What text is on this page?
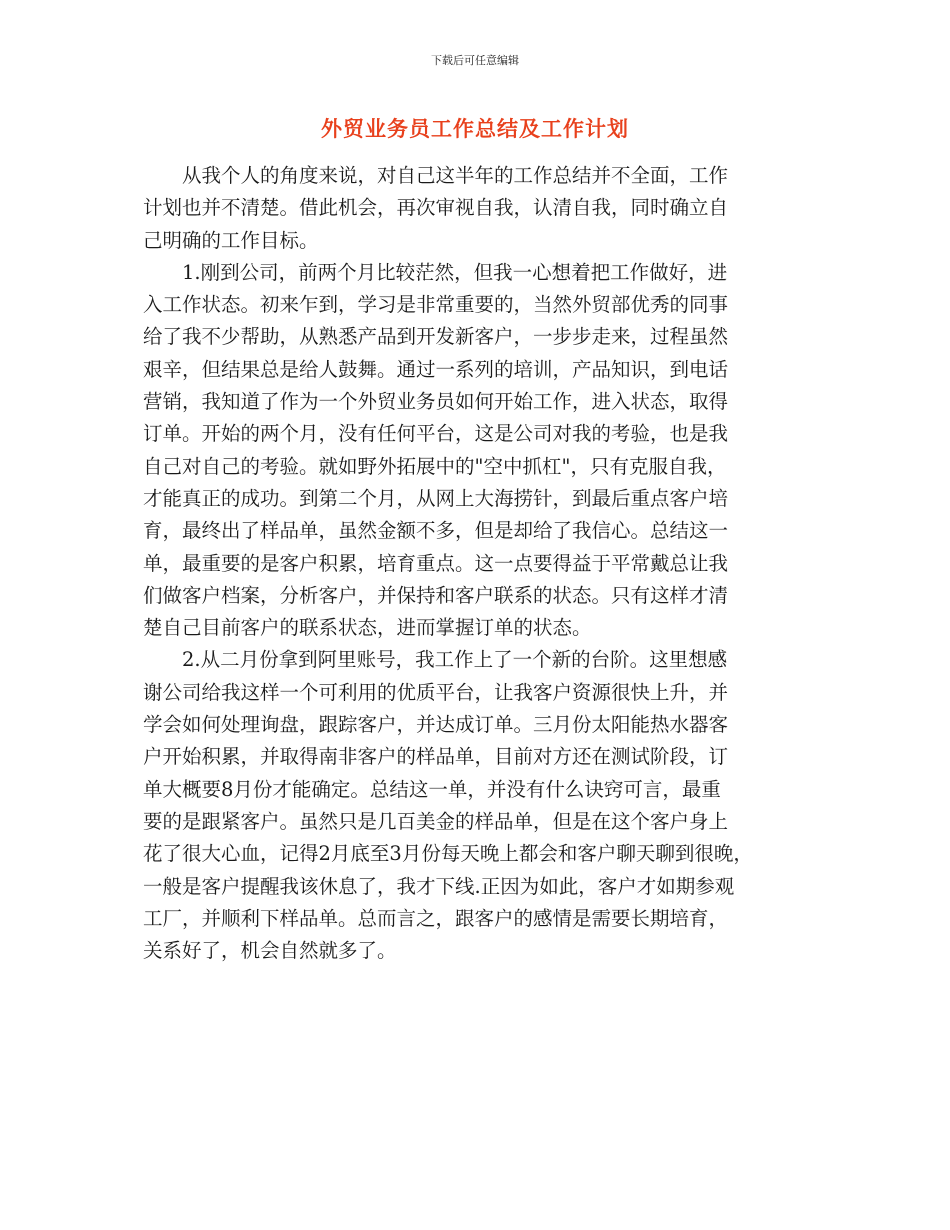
下载后可任意编辑
外贸业务员工作总结及工作计划
从我个人的角度来说，对自己这半年的工作总结并不全面，工作
计划也并不清楚。借此机会，再次审视自我，认清自我，同时确立自
己明确的工作目标。
1.刚到公司，前两个月比较茫然，但我一心想着把工作做好，进
入工作状态。初来乍到，学习是非常重要的，当然外贸部优秀的同事
给了我不少帮助，从熟悉产品到开发新客户，一步步走来，过程虽然
艰辛，但结果总是给人鼓舞。通过一系列的培训，产品知识，到电话
营销，我知道了作为一个外贸业务员如何开始工作，进入状态，取得
订单。开始的两个月，没有任何平台，这是公司对我的考验，也是我
自己对自己的考验。就如野外拓展中的"空中抓杠"，只有克服自我，
才能真正的成功。到第二个月，从网上大海捞针，到最后重点客户培
育，最终出了样品单，虽然金额不多，但是却给了我信心。总结这一
单，最重要的是客户积累，培育重点。这一点要得益于平常戴总让我
们做客户档案，分析客户，并保持和客户联系的状态。只有这样才清
楚自己目前客户的联系状态，进而掌握订单的状态。
2.从二月份拿到阿里账号，我工作上了一个新的台阶。这里想感
谢公司给我这样一个可利用的优质平台，让我客户资源很快上升，并
学会如何处理询盘，跟踪客户，并达成订单。三月份太阳能热水器客
户开始积累，并取得南非客户的样品单，目前对方还在测试阶段，订
单大概要8月份才能确定。总结这一单，并没有什么诀窍可言，最重
要的是跟紧客户。虽然只是几百美金的样品单，但是在这个客户身上
花了很大心血，记得2月底至3月份每天晚上都会和客户聊天聊到很晚，
一般是客户提醒我该休息了，我才下线.正因为如此，客户才如期参观
工厂，并顺利下样品单。总而言之，跟客户的感情是需要长期培育，
关系好了，机会自然就多了。
